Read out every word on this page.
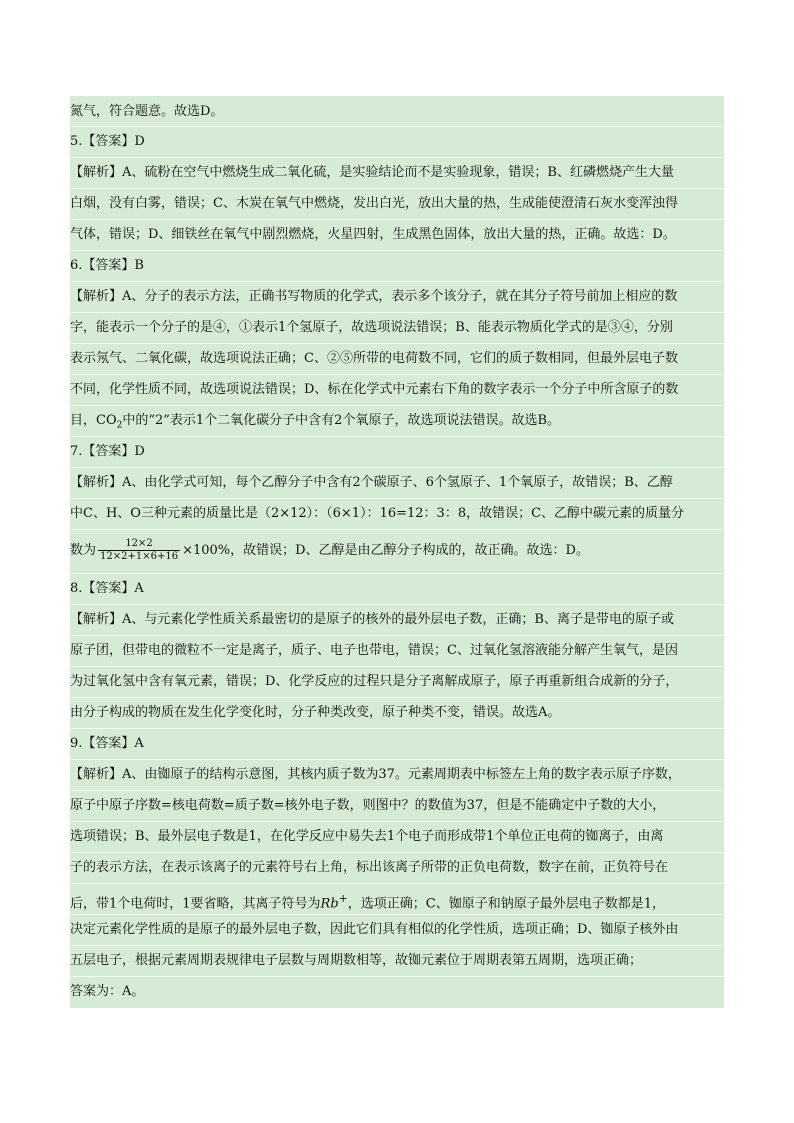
氮气，符合题意。故选D。
5.【答案】D
【解析】A、硫粉在空气中燃烧生成二氧化硫，是实验结论而不是实验现象，错误；B、红磷燃烧产生大量
白烟，没有白雾，错误；C、木炭在氧气中燃烧，发出白光，放出大量的热，生成能使澄清石灰水变浑浊得
气体，错误；D、细铁丝在氧气中剧烈燃烧，火星四射，生成黑色固体，放出大量的热，正确。故选：D。
6.【答案】B
【解析】A、分子的表示方法，正确书写物质的化学式，表示多个该分子，就在其分子符号前加上相应的数
字，能表示一个分子的是④，①表示1个氢原子，故选项说法错误；B、能表示物质化学式的是③④，分别
表示氖气、二氧化碳，故选项说法正确；C、②⑤所带的电荷数不同，它们的质子数相同，但最外层电子数
不同，化学性质不同，故选项说法错误；D、标在化学式中元素右下角的数字表示一个分子中所含原子的数
目，$CO_2$中的“2”表示1个二氧化碳分子中含有2个氧原子，故选项说法错误。故选B。
7.【答案】D
【解析】A、由化学式可知，每个乙醇分子中含有2个碳原子、6个氢原子、1个氧原子，故错误；B、乙醇
中C、H、O三种元素的质量比是（2×12）：（6×1）：16=12：3：8，故错误；C、乙醇中碳元素的质量分
数为 $\frac{12\times 2}{12\times 2+1\times 6+16} \times 100\%$，故错误；D、乙醇是由乙醇分子构成的，故正确。故选：D。
8.【答案】A
【解析】A、与元素化学性质关系最密切的是原子的核外的最外层电子数，正确；B、离子是带电的原子或
原子团，但带电的微粒不一定是离子，质子、电子也带电，错误；C、过氧化氢溶液能分解产生氧气，是因
为过氧化氢中含有氧元素，错误；D、化学反应的过程只是分子离解成原子，原子再重新组合成新的分子，
由分子构成的物质在发生化学变化时，分子种类改变，原子种类不变，错误。故选A。
9.【答案】A
【解析】A、由铷原子的结构示意图，其核内质子数为37。元素周期表中标签左上角的数字表示原子序数，
原子中原子序数=核电荷数=质子数=核外电子数，则图中？的数值为37，但是不能确定中子数的大小，
选项错误；B、最外层电子数是1，在化学反应中易失去1个电子而形成带1个单位正电荷的铷离子，由离
子的表示方法，在表示该离子的元素符号右上角，标出该离子所带的正负电荷数，数字在前，正负符号在
后，带1个电荷时，1要省略，其离子符号为Rb+，选项正确；C、铷原子和钠原子最外层电子数都是1，
决定元素化学性质的是原子的最外层电子数，因此它们具有相似的化学性质，选项正确；D、铷原子核外由
五层电子，根据元素周期表规律电子层数与周期数相等，故铷元素位于周期表第五周期，选项正确；
答案为：A。
